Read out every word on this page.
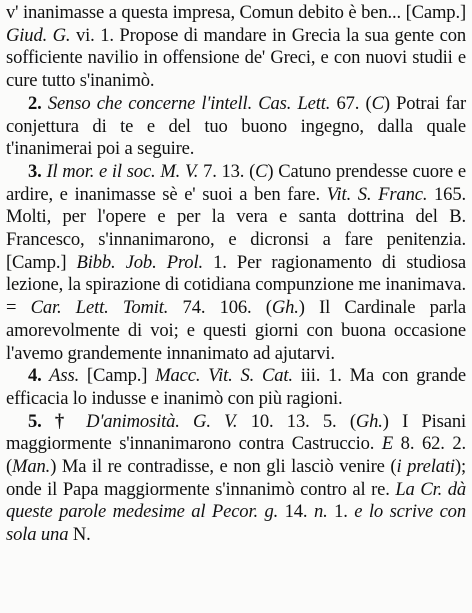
v' inanimasse a questa impresa, Comun debito è ben... [Camp.] Giud. G. vi. 1. Propose di mandare in Grecia la sua gente con sofficiente navilio in offensione de' Greci, e con nuovi studii e cure tutto s'inanimò.

2. Senso che concerne l'intell. Cas. Lett. 67. (C) Potrai far conjettura di te e del tuo buono ingegno, dalla quale t'inanimerai poi a seguire.

3. Il mor. e il soc. M. V. 7. 13. (C) Catuno prendesse cuore e ardire, e inanimasse sè e' suoi a ben fare. Vit. S. Franc. 165. Molti, per l'opere e per la vera e santa dottrina del B. Francesco, s'innanimarono, e dicronsi a fare penitenzia. [Camp.] Bibb. Job. Prol. 1. Per ragionamento di studiosa lezione, la spirazione di cotidiana compunzione me inanimava. = Car. Lett. Tomit. 74. 106. (Gh.) Il Cardinale parla amorevolmente di voi; e questi giorni con buona occasione l'avemo grandemente innanimato ad ajutarvi.

4. Ass. [Camp.] Macc. Vit. S. Cat. iii. 1. Ma con grande efficacia lo indusse e inanimò con più ragioni.

5. † D'animosità. G. V. 10. 13. 5. (Gh.) I Pisani maggiormente s'innanimarono contra Castruccio. E 8. 62. 2. (Man.) Ma il re contradisse, e non gli lasciò venire (i prelati); onde il Papa maggiormente s'innanimò contro al re. La Cr. dà queste parole medesime al Pecor. g. 14. n. 1. e lo scrive con sola una N.
